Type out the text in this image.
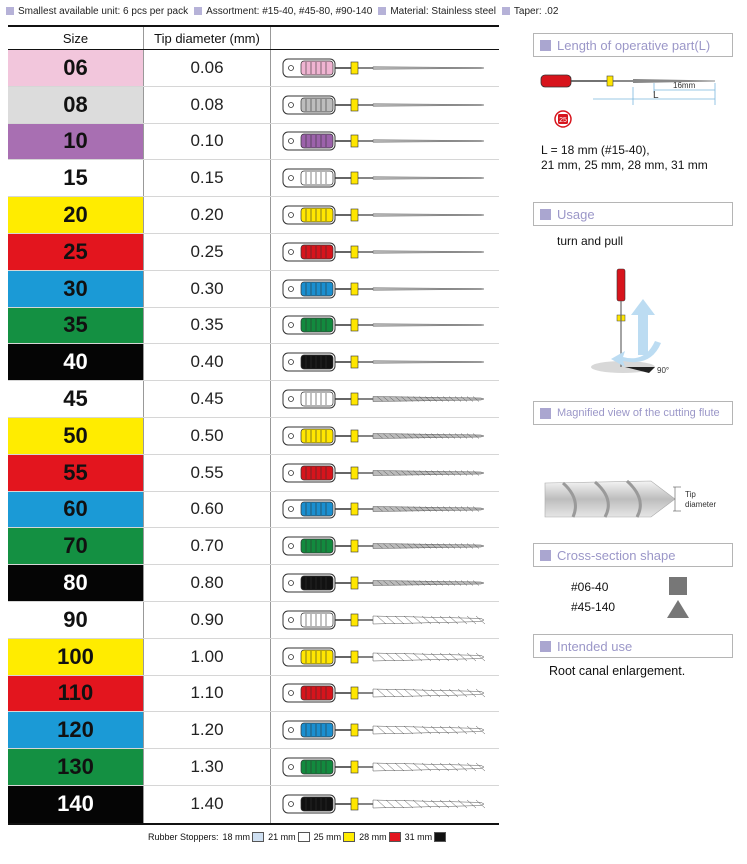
Smallest available unit: 6 pcs per pack Assortment: #15-40, #45-80, #90-140 Material: Stainless steel Taper: .02
Size	Tip diameter (mm)
06	0.06
08	0.08
10	0.10
15	0.15
20	0.20
25	0.25
30	0.30
35	0.35
40	0.40
45	0.45
50	0.50
55	0.55
60	0.60
70	0.70
80	0.80
90	0.90
100	1.00
110	1.10
120	1.20
130	1.30
140	1.40
Length of operative part(L)
16mm
L
25
L = 18 mm (#15-40),
21 mm, 25 mm, 28 mm, 31 mm
Usage
turn and pull
90°
Magnified view of the cutting flute
Tip
diameter
Cross-section shape
#06-40
#45-140
Intended use
Root canal enlargement.
Rubber Stoppers: 18 mm 21 mm 25 mm 28 mm 31 mm
